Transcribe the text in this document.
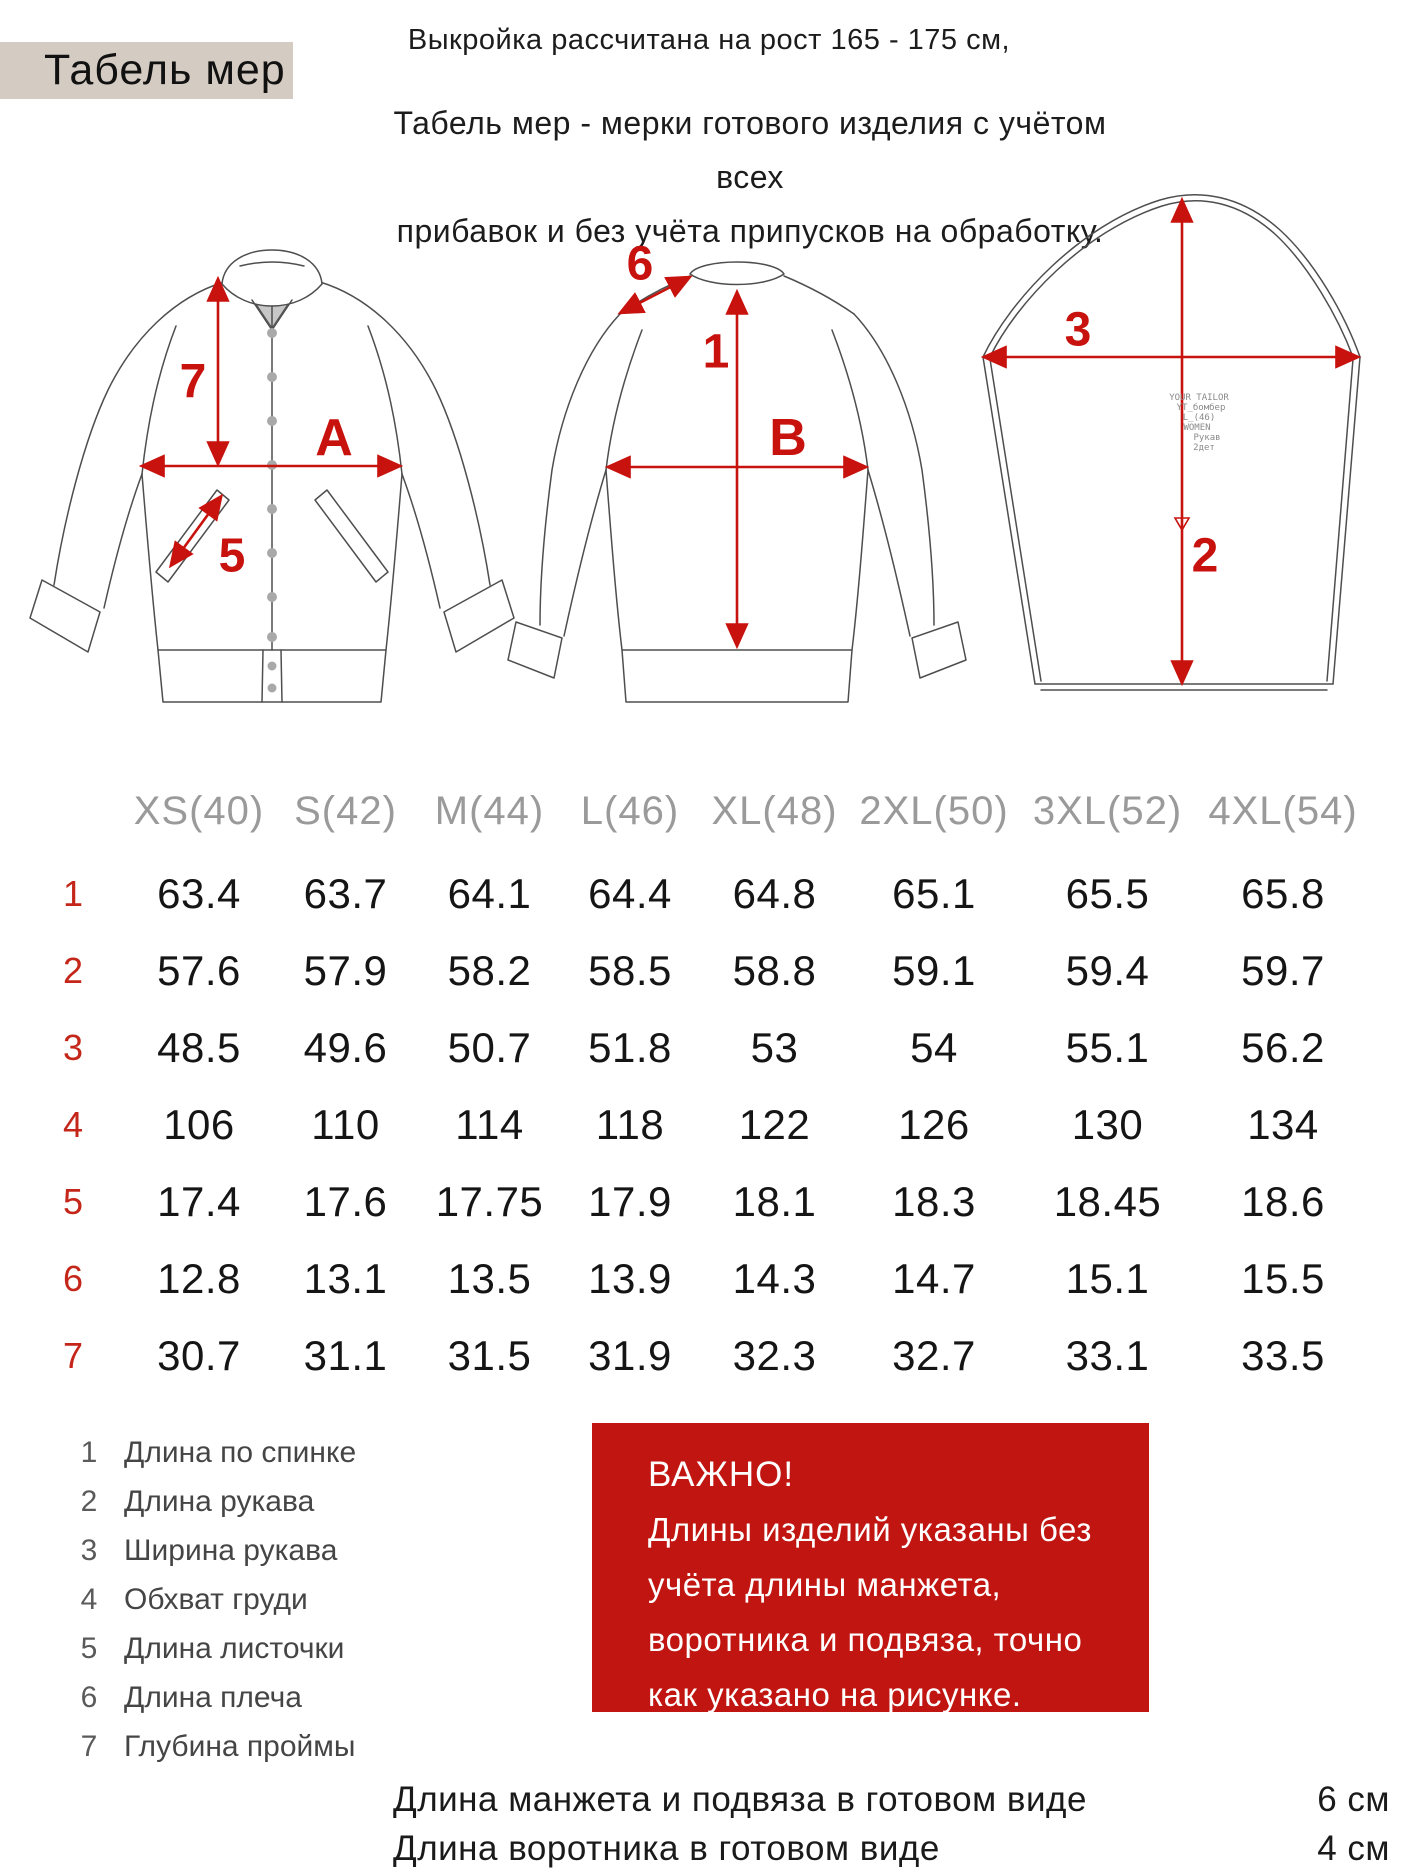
Табель мер
Выкройка рассчитана на рост 165 - 175 см,
Табель мер - мерки готового изделия с учётом всех
прибавок и без учёта припусков на обработку.
7
A
5
6
1
B
3
2
YOUR TAILOR
YT_бомбер
L_(46)
WOMEN
Рукав
2дет
XS(40) S(42) M(44) L(46) XL(48) 2XL(50) 3XL(52) 4XL(54)
1	63.4	63.7	64.1	64.4	64.8	65.1	65.5	65.8
2	57.6	57.9	58.2	58.5	58.8	59.1	59.4	59.7
3	48.5	49.6	50.7	51.8	53	54	55.1	56.2
4	106	110	114	118	122	126	130	134
5	17.4	17.6	17.75	17.9	18.1	18.3	18.45	18.6
6	12.8	13.1	13.5	13.9	14.3	14.7	15.1	15.5
7	30.7	31.1	31.5	31.9	32.3	32.7	33.1	33.5
1 Длина по спинке
2 Длина рукава
3 Ширина рукава
4 Обхват груди
5 Длина листочки
6 Длина плеча
7 Глубина проймы
ВАЖНО!
Длины изделий указаны без
учёта длины манжета,
воротника и подвяза, точно
как указано на рисунке.
Длина манжета и подвяза в готовом виде	6 см
Длина воротника в готовом виде	4 см
